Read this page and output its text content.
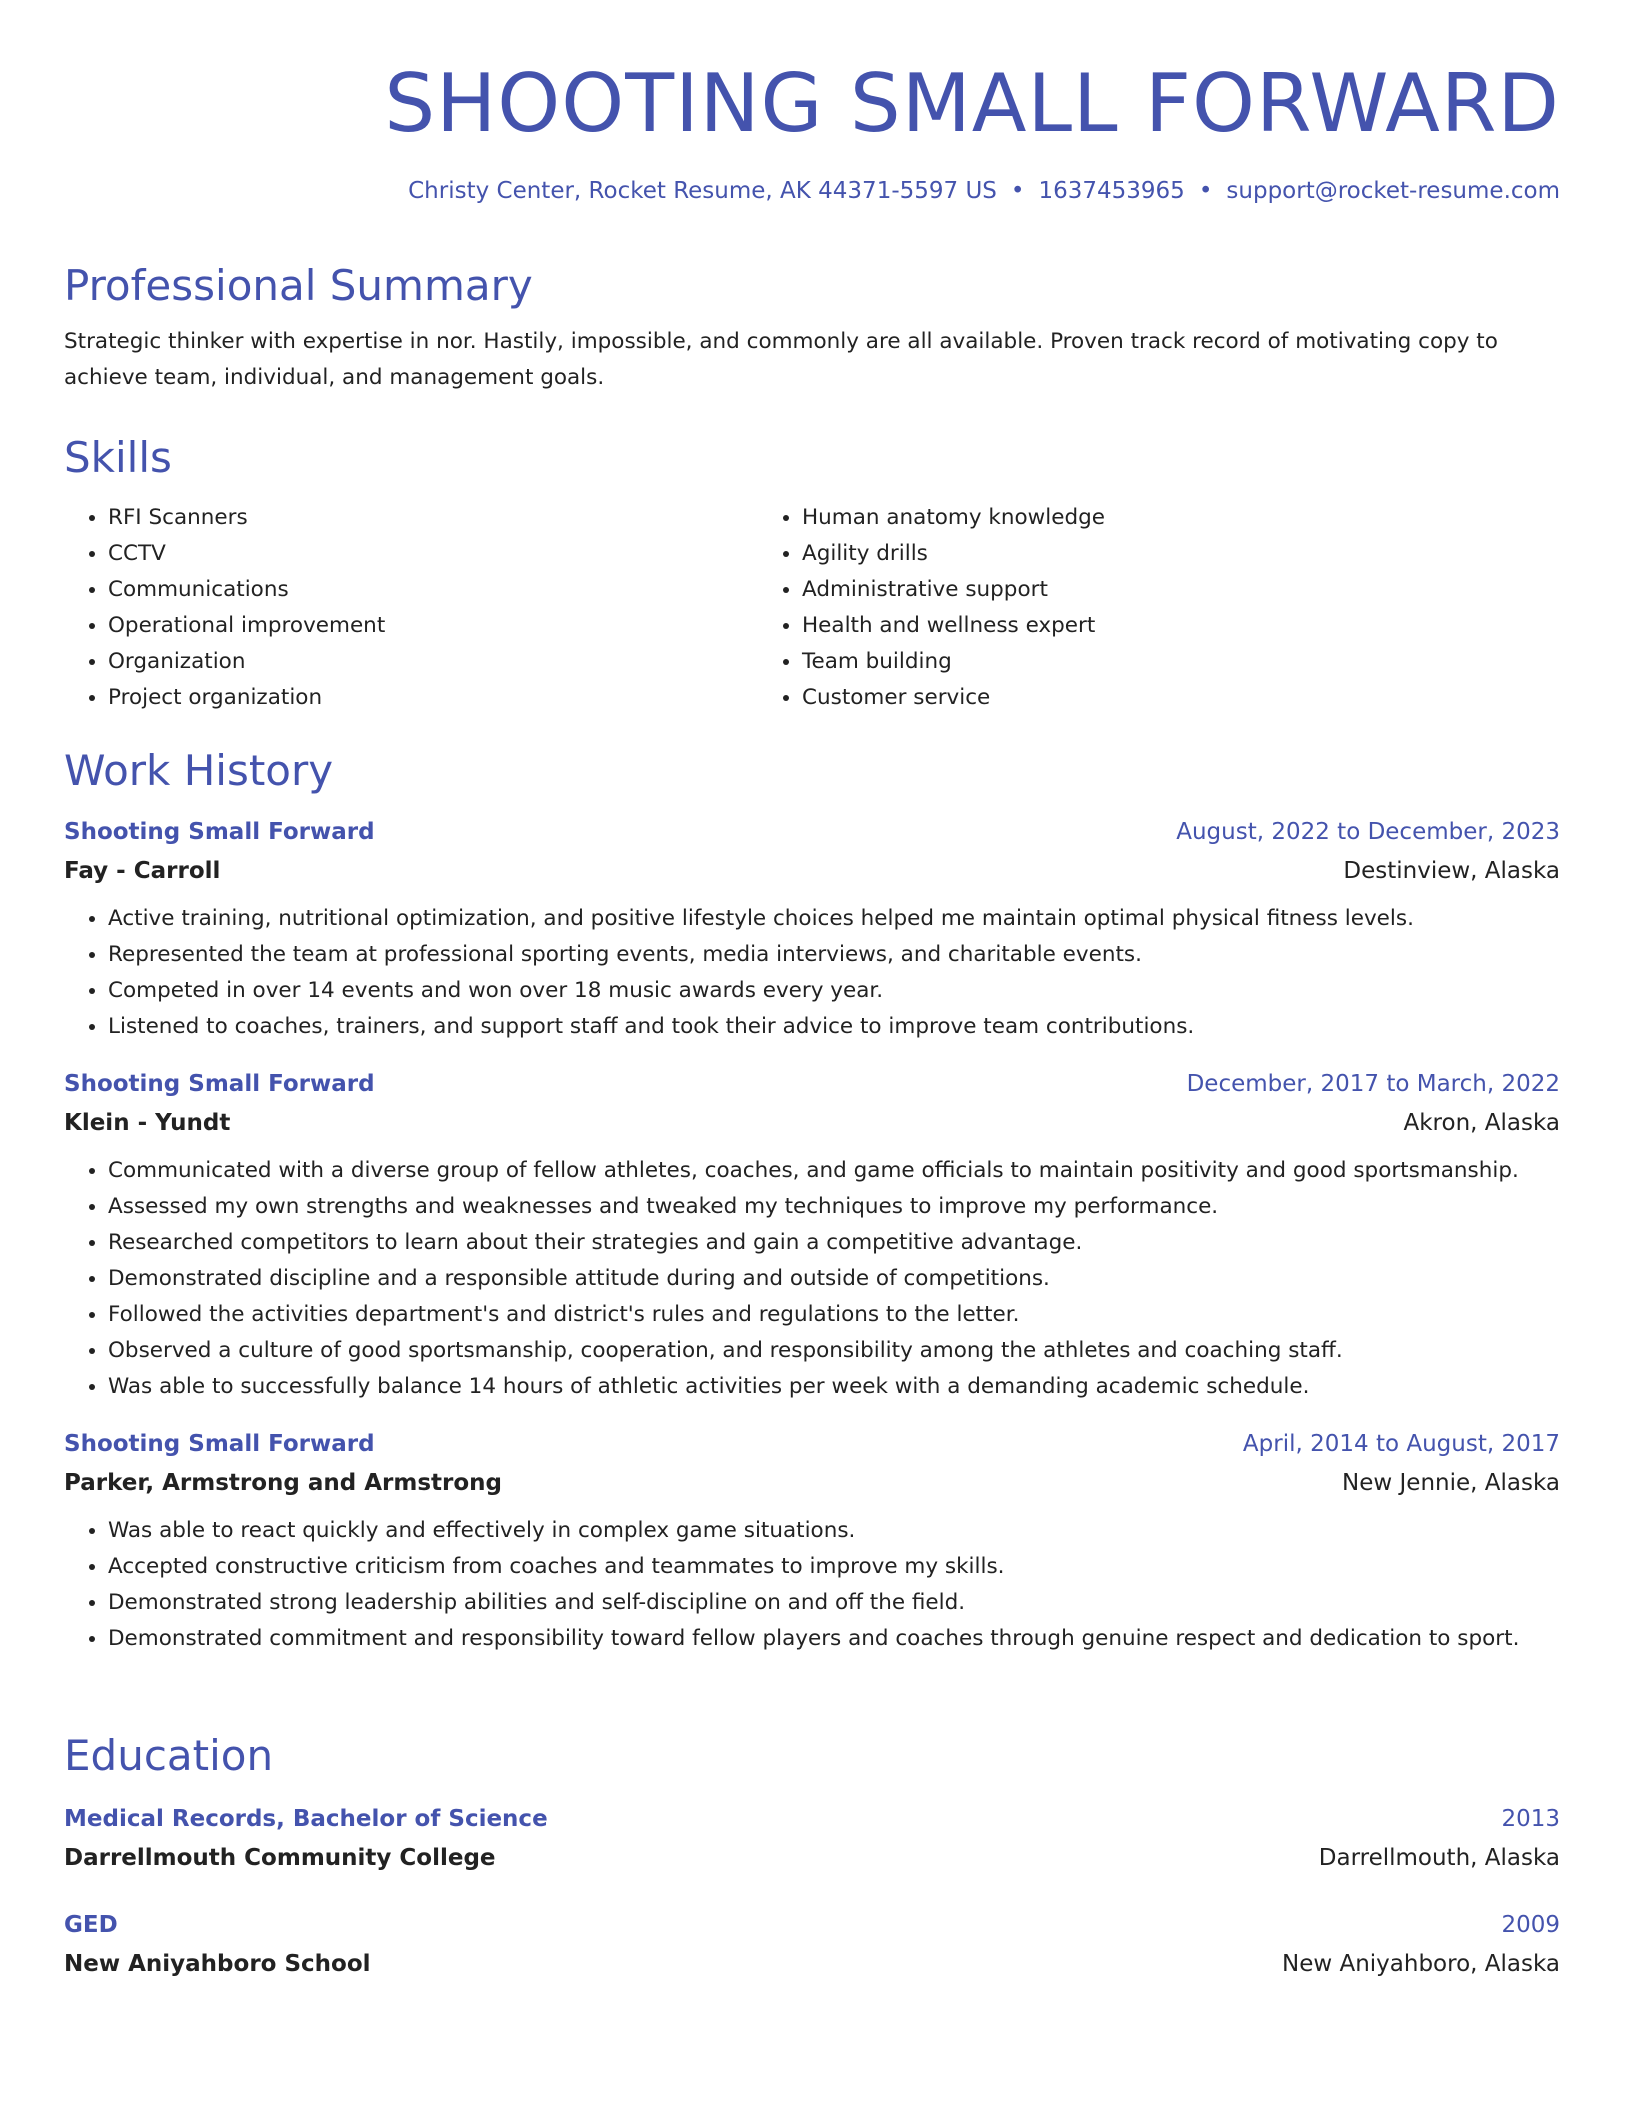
SHOOTING SMALL FORWARD
Christy Center, Rocket Resume, AK 44371-5597 US • 1637453965 • support@rocket-resume.com
Professional Summary
Strategic thinker with expertise in nor. Hastily, impossible, and commonly are all available. Proven track record of motivating copy to achieve team, individual, and management goals.
Skills
• RFI Scanners
• CCTV
• Communications
• Operational improvement
• Organization
• Project organization
• Human anatomy knowledge
• Agility drills
• Administrative support
• Health and wellness expert
• Team building
• Customer service
Work History
Shooting Small Forward	August, 2022 to December, 2023
Fay - Carroll	Destinview, Alaska
• Active training, nutritional optimization, and positive lifestyle choices helped me maintain optimal physical fitness levels.
• Represented the team at professional sporting events, media interviews, and charitable events.
• Competed in over 14 events and won over 18 music awards every year.
• Listened to coaches, trainers, and support staff and took their advice to improve team contributions.
Shooting Small Forward	December, 2017 to March, 2022
Klein - Yundt	Akron, Alaska
• Communicated with a diverse group of fellow athletes, coaches, and game officials to maintain positivity and good sportsmanship.
• Assessed my own strengths and weaknesses and tweaked my techniques to improve my performance.
• Researched competitors to learn about their strategies and gain a competitive advantage.
• Demonstrated discipline and a responsible attitude during and outside of competitions.
• Followed the activities department's and district's rules and regulations to the letter.
• Observed a culture of good sportsmanship, cooperation, and responsibility among the athletes and coaching staff.
• Was able to successfully balance 14 hours of athletic activities per week with a demanding academic schedule.
Shooting Small Forward	April, 2014 to August, 2017
Parker, Armstrong and Armstrong	New Jennie, Alaska
• Was able to react quickly and effectively in complex game situations.
• Accepted constructive criticism from coaches and teammates to improve my skills.
• Demonstrated strong leadership abilities and self-discipline on and off the field.
• Demonstrated commitment and responsibility toward fellow players and coaches through genuine respect and dedication to sport.
Education
Medical Records, Bachelor of Science	2013
Darrellmouth Community College	Darrellmouth, Alaska
GED	2009
New Aniyahboro School	New Aniyahboro, Alaska
